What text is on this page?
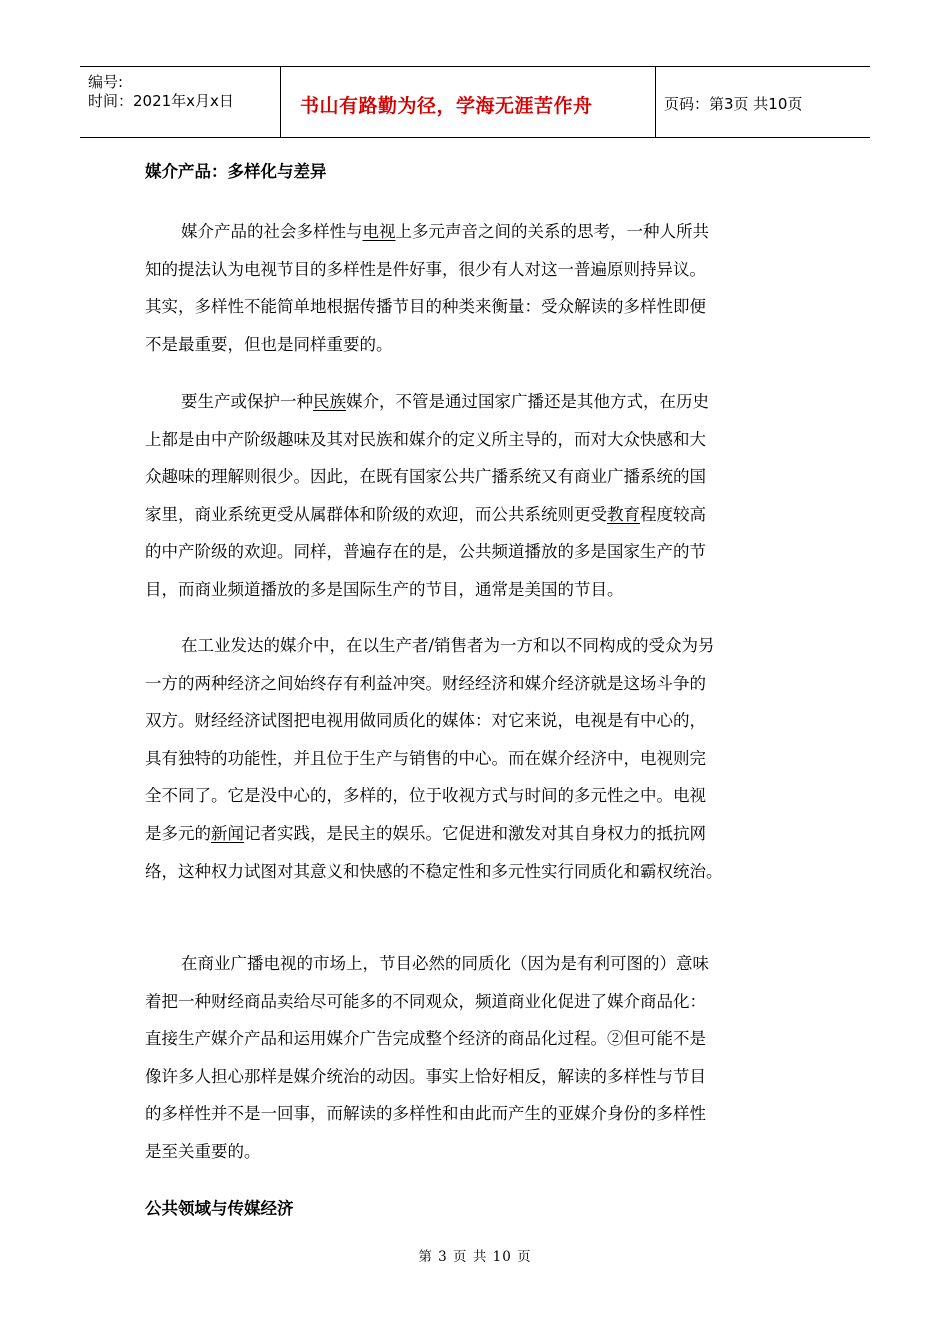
编号:
时间：2021年x月x日	书山有路勤为径，学海无涯苦作舟	页码：第3页 共10页
媒介产品：多样化与差异
媒介产品的社会多样性与电视上多元声音之间的关系的思考，一种人所共
知的提法认为电视节目的多样性是件好事，很少有人对这一普遍原则持异议。
其实，多样性不能简单地根据传播节目的种类来衡量：受众解读的多样性即便
不是最重要，但也是同样重要的。
要生产或保护一种民族媒介，不管是通过国家广播还是其他方式，在历史
上都是由中产阶级趣味及其对民族和媒介的定义所主导的，而对大众快感和大
众趣味的理解则很少。因此，在既有国家公共广播系统又有商业广播系统的国
家里，商业系统更受从属群体和阶级的欢迎，而公共系统则更受教育程度较高
的中产阶级的欢迎。同样，普遍存在的是，公共频道播放的多是国家生产的节
目，而商业频道播放的多是国际生产的节目，通常是美国的节目。
在工业发达的媒介中，在以生产者/销售者为一方和以不同构成的受众为另
一方的两种经济之间始终存有利益冲突。财经经济和媒介经济就是这场斗争的
双方。财经经济试图把电视用做同质化的媒体：对它来说，电视是有中心的，
具有独特的功能性，并且位于生产与销售的中心。而在媒介经济中，电视则完
全不同了。它是没中心的，多样的，位于收视方式与时间的多元性之中。电视
是多元的新闻记者实践，是民主的娱乐。它促进和激发对其自身权力的抵抗网
络，这种权力试图对其意义和快感的不稳定性和多元性实行同质化和霸权统治。
在商业广播电视的市场上，节目必然的同质化（因为是有利可图的）意味
着把一种财经商品卖给尽可能多的不同观众，频道商业化促进了媒介商品化：
直接生产媒介产品和运用媒介广告完成整个经济的商品化过程。②但可能不是
像许多人担心那样是媒介统治的动因。事实上恰好相反，解读的多样性与节目
的多样性并不是一回事，而解读的多样性和由此而产生的亚媒介身份的多样性
是至关重要的。
公共领域与传媒经济
第 3 页 共 10 页
